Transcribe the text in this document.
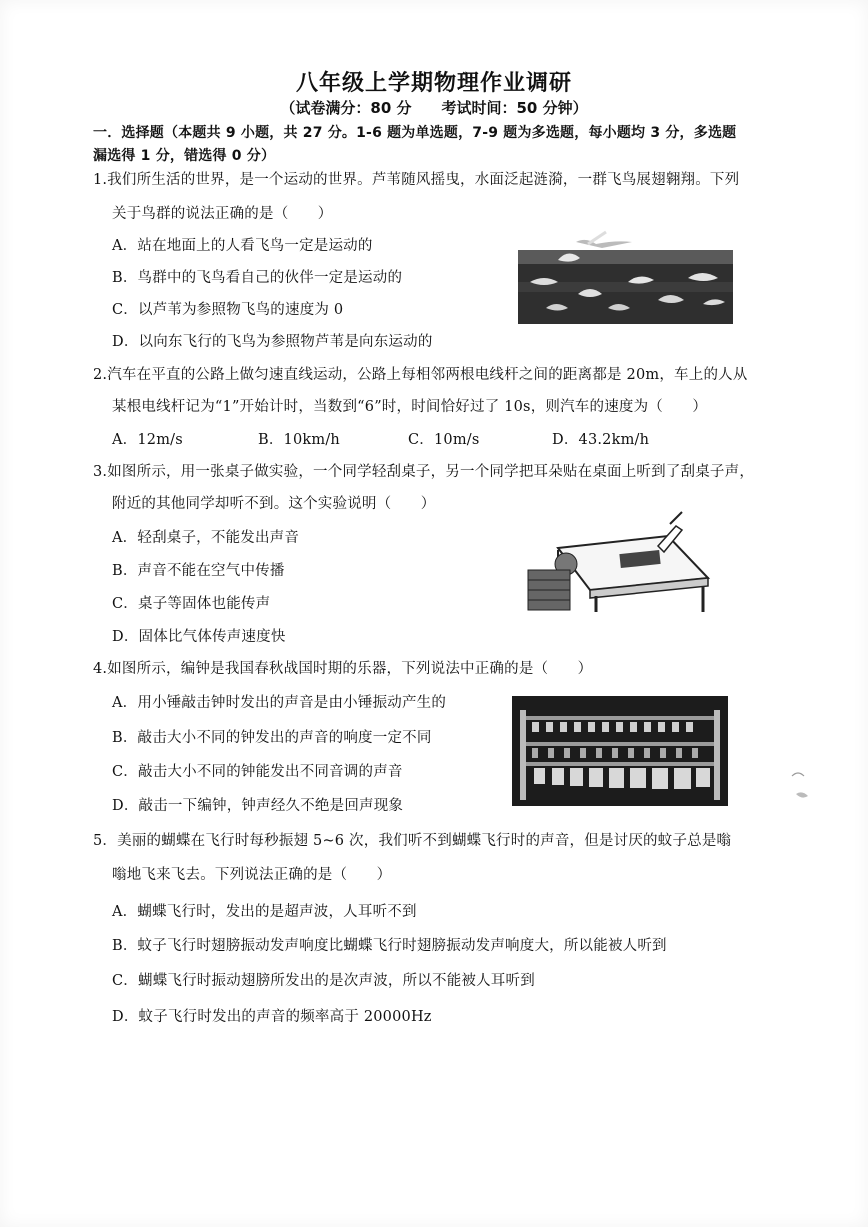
八年级上学期物理作业调研
（试卷满分：80 分　　考试时间：50 分钟）
一．选择题（本题共 9 小题，共 27 分。1-6 题为单选题，7-9 题为多选题，每小题均 3 分，多选题
漏选得 1 分，错选得 0 分）
1.我们所生活的世界，是一个运动的世界。芦苇随风摇曳，水面泛起涟漪，一群飞鸟展翅翱翔。下列
关于鸟群的说法正确的是（　　）
A．站在地面上的人看飞鸟一定是运动的
B．鸟群中的飞鸟看自己的伙伴一定是运动的
C．以芦苇为参照物飞鸟的速度为 0
D．以向东飞行的飞鸟为参照物芦苇是向东运动的
2.汽车在平直的公路上做匀速直线运动，公路上每相邻两根电线杆之间的距离都是 20m，车上的人从
某根电线杆记为“1”开始计时，当数到“6”时，时间恰好过了 10s，则汽车的速度为（　　）
A．12m/s	B．10km/h	C．10m/s	D．43.2km/h
3.如图所示，用一张桌子做实验，一个同学轻刮桌子，另一个同学把耳朵贴在桌面上听到了刮桌子声，
附近的其他同学却听不到。这个实验说明（　　）
A．轻刮桌子，不能发出声音
B．声音不能在空气中传播
C．桌子等固体也能传声
D．固体比气体传声速度快
4.如图所示，编钟是我国春秋战国时期的乐器，下列说法中正确的是（　　）
A．用小锤敲击钟时发出的声音是由小锤振动产生的
B．敲击大小不同的钟发出的声音的响度一定不同
C．敲击大小不同的钟能发出不同音调的声音
D．敲击一下编钟，钟声经久不绝是回声现象
5．美丽的蝴蝶在飞行时每秒振翅 5~6 次，我们听不到蝴蝶飞行时的声音，但是讨厌的蚊子总是嗡
嗡地飞来飞去。下列说法正确的是（　　）
A．蝴蝶飞行时，发出的是超声波，人耳听不到
B．蚊子飞行时翅膀振动发声响度比蝴蝶飞行时翅膀振动发声响度大，所以能被人听到
C．蝴蝶飞行时振动翅膀所发出的是次声波，所以不能被人耳听到
D．蚊子飞行时发出的声音的频率高于 20000Hz
